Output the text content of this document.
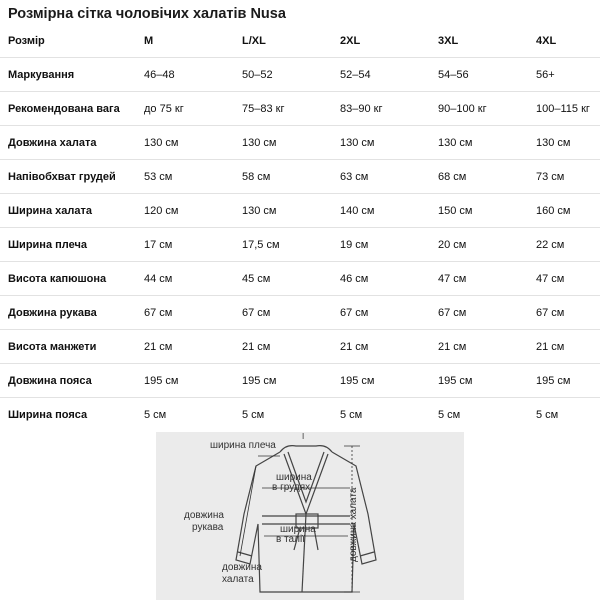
Розмірна сітка чоловічих халатів Nusa
Розмір	M	L/XL	2XL	3XL	4XL
Маркування	46–48	50–52	52–54	54–56	56+
Рекомендована вага	до 75 кг	75–83 кг	83–90 кг	90–100 кг	100–115 кг
Довжина халата	130 см	130 см	130 см	130 см	130 см
Напівобхват грудей	53 см	58 см	63 см	68 см	73 см
Ширина халата	120 см	130 см	140 см	150 см	160 см
Ширина плеча	17 см	17,5 см	19 см	20 см	22 см
Висота капюшона	44 см	45 см	46 см	47 см	47 см
Довжина рукава	67 см	67 см	67 см	67 см	67 см
Висота манжети	21 см	21 см	21 см	21 см	21 см
Довжина пояса	195 см	195 см	195 см	195 см	195 см
Ширина пояса	5 см	5 см	5 см	5 см	5 см
I
ширина плеча
ширина
в грудях
довжина
рукава	ширина
в талії
довжина
халата
довжина халата
